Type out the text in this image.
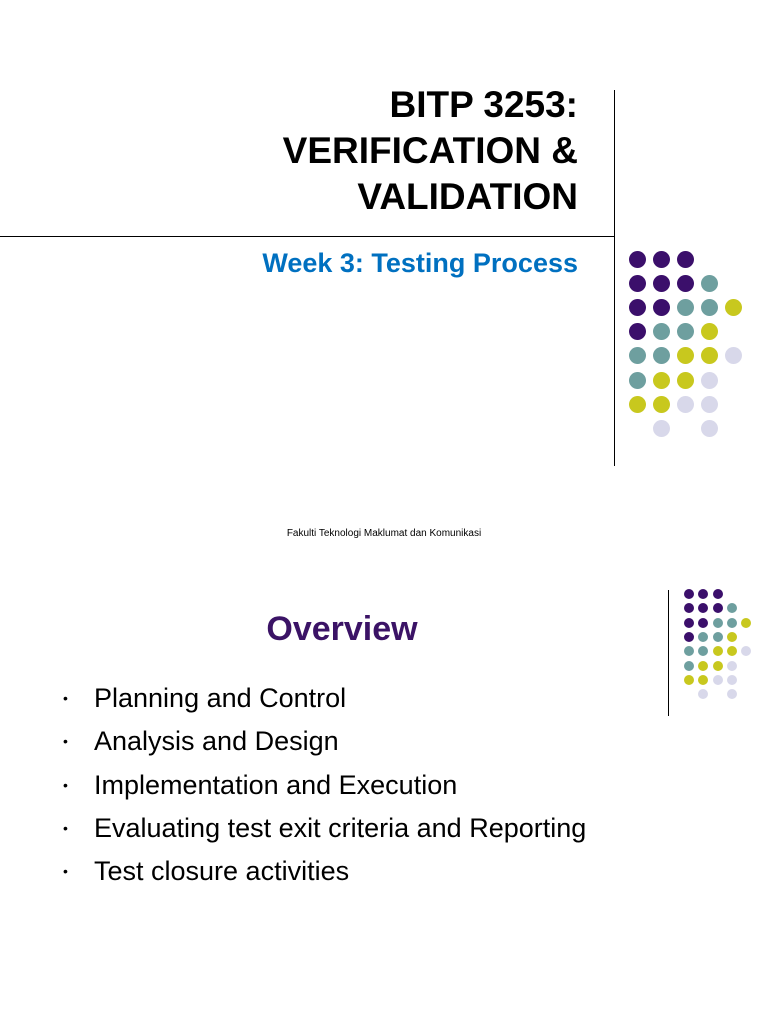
BITP 3253:
VERIFICATION &
VALIDATION
Week 3: Testing Process
Fakulti Teknologi Maklumat dan Komunikasi
Overview
• Planning and Control
• Analysis and Design
• Implementation and Execution
• Evaluating test exit criteria and Reporting
• Test closure activities
